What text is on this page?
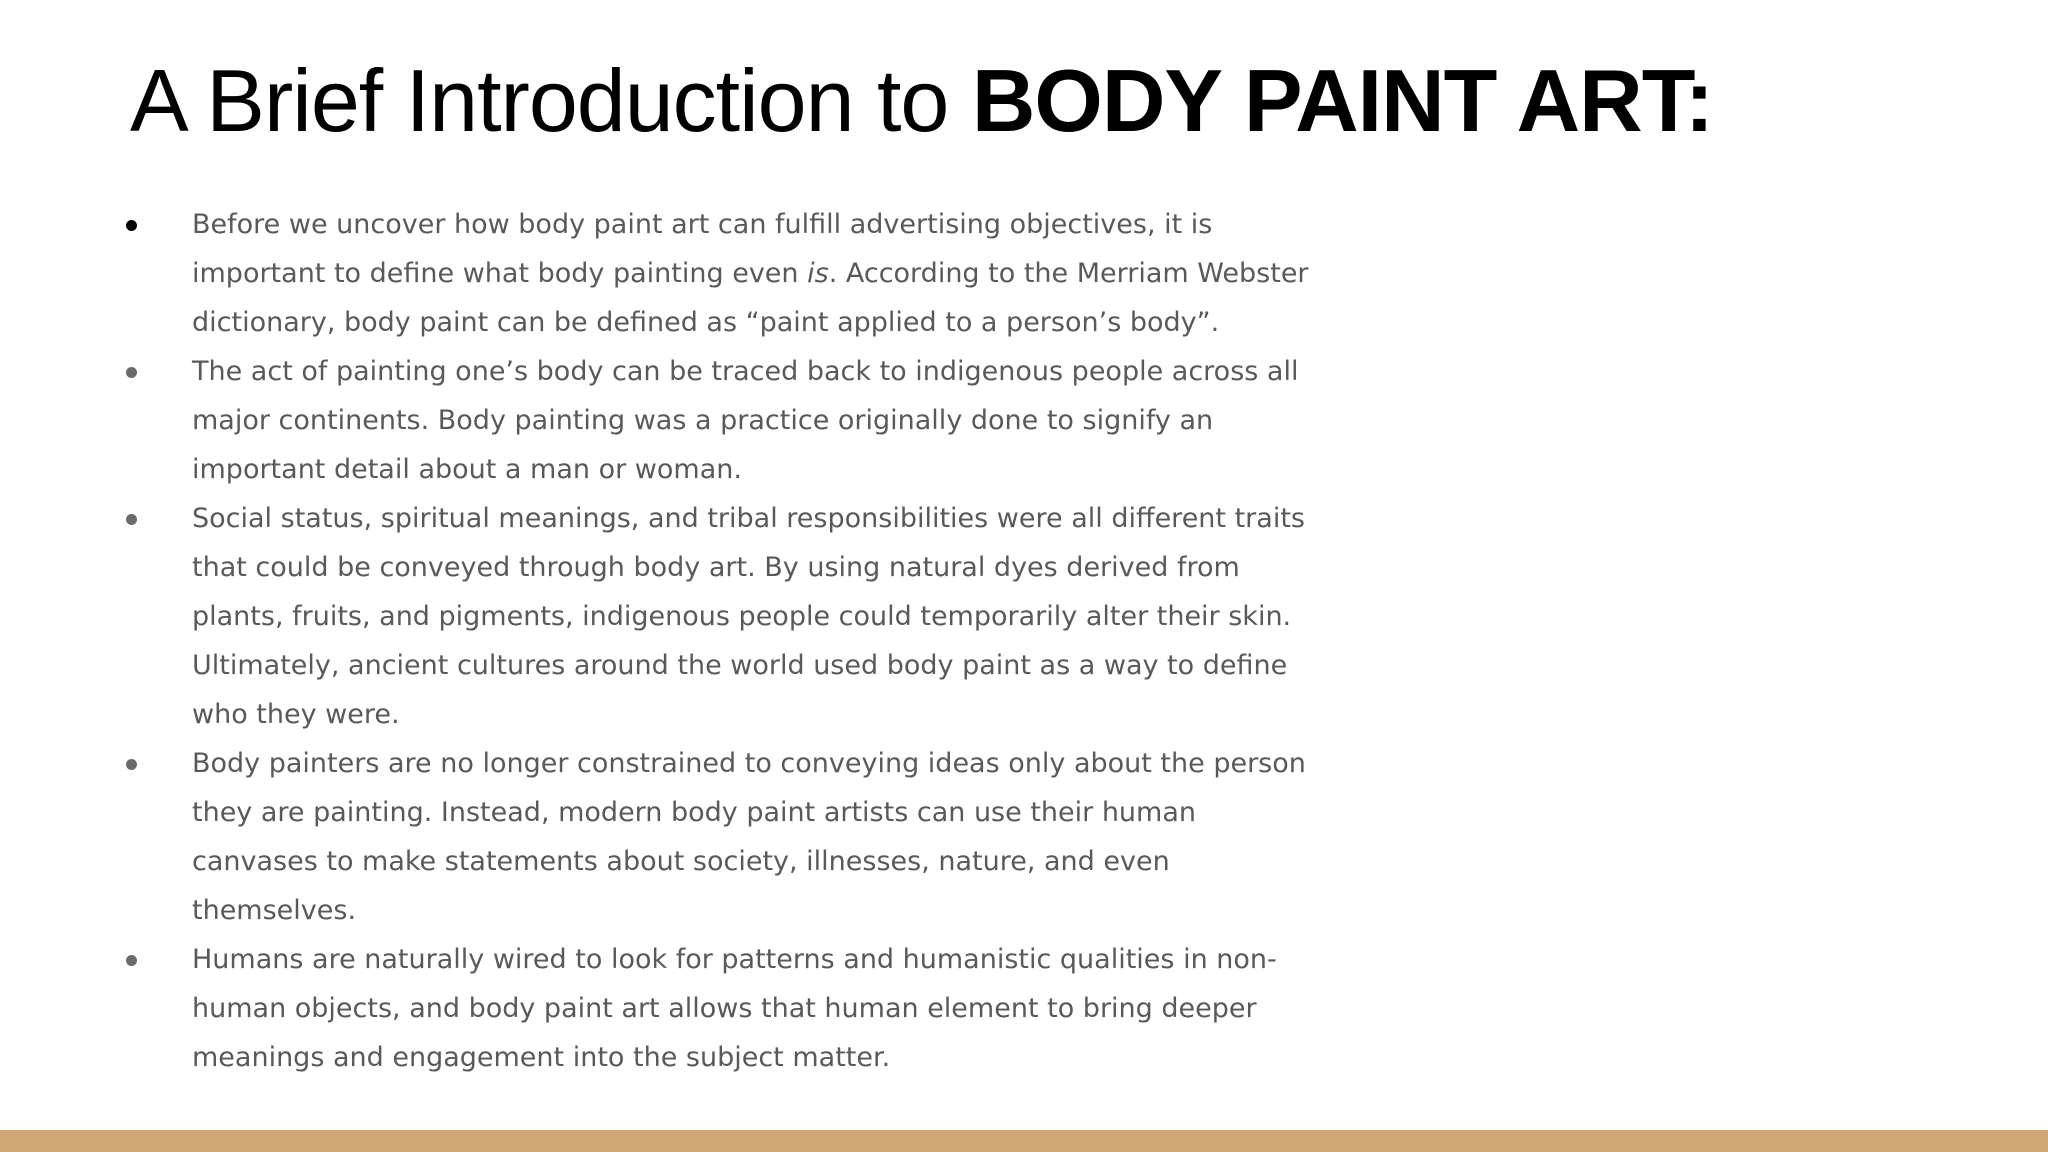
A Brief Introduction to BODY PAINT ART:
Before we uncover how body paint art can fulfill advertising objectives, it is important to define what body painting even is. According to the Merriam Webster dictionary, body paint can be defined as “paint applied to a person’s body”.
The act of painting one’s body can be traced back to indigenous people across all major continents. Body painting was a practice originally done to signify an important detail about a man or woman.
Social status, spiritual meanings, and tribal responsibilities were all different traits that could be conveyed through body art. By using natural dyes derived from plants, fruits, and pigments, indigenous people could temporarily alter their skin. Ultimately, ancient cultures around the world used body paint as a way to define who they were.
Body painters are no longer constrained to conveying ideas only about the person they are painting. Instead, modern body paint artists can use their human canvases to make statements about society, illnesses, nature, and even themselves.
Humans are naturally wired to look for patterns and humanistic qualities in non-human objects, and body paint art allows that human element to bring deeper meanings and engagement into the subject matter.
